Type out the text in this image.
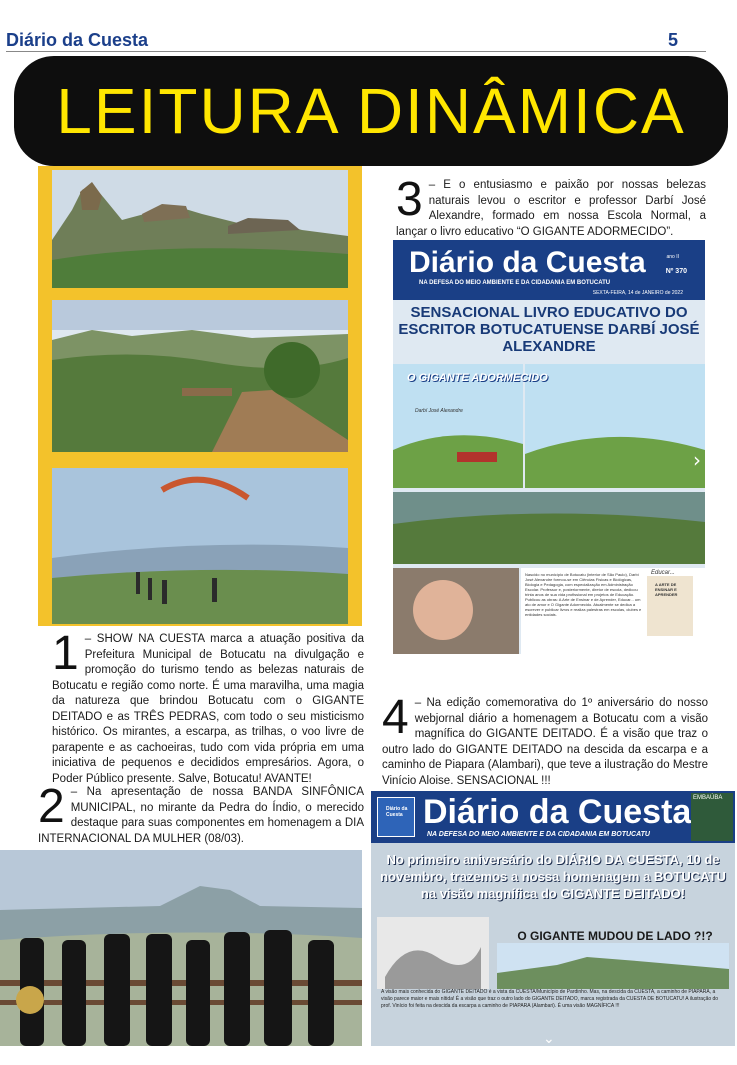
Diário da Cuesta	5
LEITURA DINÂMICA
1 – SHOW NA CUESTA marca a atuação positiva da Prefeitura Municipal de Botucatu na divulgação e promoção do turismo tendo as belezas naturais de Botucatu e região como norte. É uma maravilha, uma magia da natureza que brindou Botucatu com o GIGANTE DEITADO e as TRÊS PEDRAS, com todo o seu misticismo histórico. Os mirantes, a escarpa, as trilhas, o voo livre de parapente e as cachoeiras, tudo com vida própria em uma iniciativa de pequenos e decididos empresários. Agora, o Poder Público presente. Salve, Botucatu! AVANTE!
2 – Na apresentação de nossa BANDA SINFÔNICA MUNICIPAL, no mirante da Pedra do Índio, o merecido destaque para suas componentes em homenagem a DIA INTERNACIONAL DA MULHER (08/03).
3 – E o entusiasmo e paixão por nossas belezas naturais levou o escritor e professor Darbí José Alexandre, formado em nossa Escola Normal, a lançar o livro educativo “O GIGANTE ADORMECIDO”.
Diário da Cuesta
NA DEFESA DO MEIO AMBIENTE E DA CIDADANIA EM BOTUCATU
ano II
Nº 370
SEXTA-FEIRA, 14 de JANEIRO de 2022
SENSACIONAL LIVRO EDUCATIVO DO ESCRITOR BOTUCATUENSE DARBÍ JOSÉ ALEXANDRE
O GIGANTE ADORMECIDO
Darbí José Alexandre
A ARTE DE ENSINAR E APRENDER
Educar...
Nascido no município de Botucatu (interior de São Paulo), Darbí José Alexandre formou-se em Ciências Físicas e Biológicas, Biologia e Pedagogia, com especialização em Administração Escolar. Professor e, posteriormente, diretor de escola, dedicou trinta anos de sua vida profissional em projetos de Educação. Publicou as obras: A Arte de Ensinar e de Aprender, Educar... um ato de amor e O Gigante Adormecido. Atualmente se dedica a escrever e publicar livros e realiza palestras em escolas, clubes e entidades sociais.
›
4 – Na edição comemorativa do 1º aniversário do nosso webjornal diário a homenagem a Botucatu com a visão magnífica do GIGANTE DEITADO. É a visão que traz o outro lado do GIGANTE DEITADO na descida da escarpa e a caminho de Piapara (Alambari), que teve a ilustração do Mestre Vinício Aloise. SENSACIONAL !!!
Diário da Cuesta Diário da Cuesta
NA DEFESA DO MEIO AMBIENTE E DA CIDADANIA EM BOTUCATU
EMBAÚBA
No primeiro aniversário do DIÁRIO DA CUESTA, 10 de novembro, trazemos a nossa homenagem a BOTUCATU na visão magnífica do GIGANTE DEITADO!
O GIGANTE MUDOU DE LADO ?!?
A visão mais conhecida do GIGANTE DEITADO é a vista da CUESTA/Município de Pardinho. Mas, na descida da CUESTA, a caminho de PIAPARA, a visão parece maior e mais nítida! É a visão que traz o outro lado do GIGANTE DEITADO, marca registrada da CUESTA DE BOTUCATU! A ilustração do prof. Vinício foi feita na descida da escarpa a caminho de PIAPARA (Alambari). É uma visão MAGNÍFICA !!!
⌄
